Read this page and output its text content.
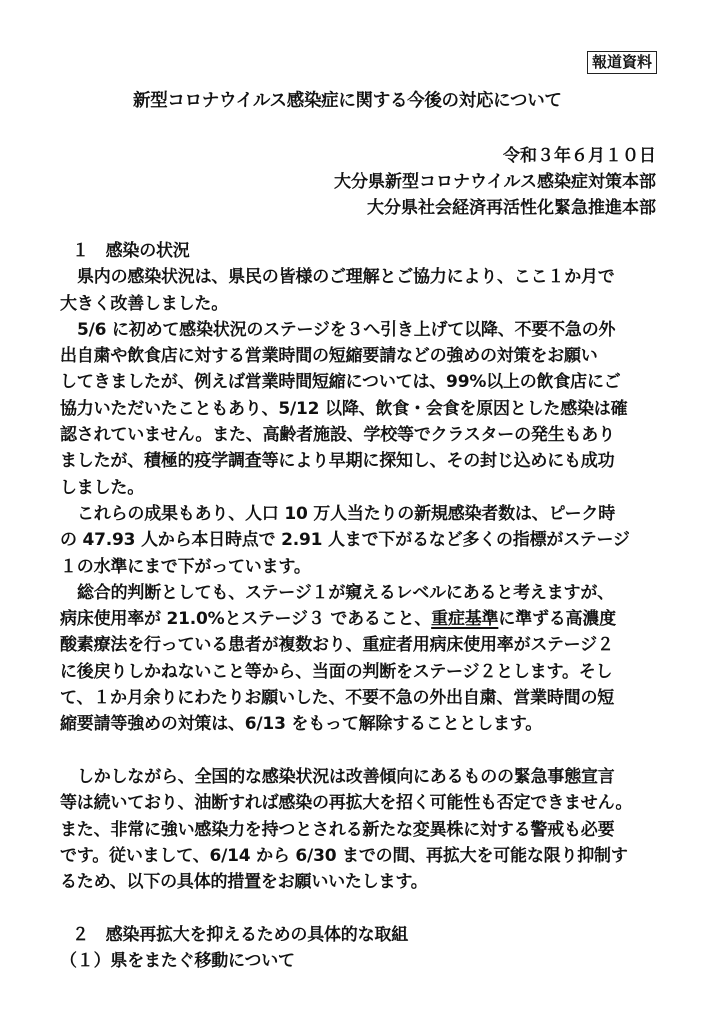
報道資料
新型コロナウイルス感染症に関する今後の対応について
令和３年６月１０日
大分県新型コロナウイルス感染症対策本部
大分県社会経済再活性化緊急推進本部
１　感染の状況
県内の感染状況は、県民の皆様のご理解とご協力により、ここ１か月で
大きく改善しました。
5/6 に初めて感染状況のステージを３へ引き上げて以降、不要不急の外
出自粛や飲食店に対する営業時間の短縮要請などの強めの対策をお願い
してきましたが、例えば営業時間短縮については、99%以上の飲食店にご
協力いただいたこともあり、5/12 以降、飲食・会食を原因とした感染は確
認されていません。また、高齢者施設、学校等でクラスターの発生もあり
ましたが、積極的疫学調査等により早期に探知し、その封じ込めにも成功
しました。
これらの成果もあり、人口 10 万人当たりの新規感染者数は、ピーク時
の 47.93 人から本日時点で 2.91 人まで下がるなど多くの指標がステージ
１の水準にまで下がっています。
総合的判断としても、ステージ１が窺えるレベルにあると考えますが、
病床使用率が 21.0%とステージ３ であること、重症基準に準ずる高濃度
酸素療法を行っている患者が複数おり、重症者用病床使用率がステージ２
に後戻りしかねないこと等から、当面の判断をステージ２とします。そし
て、１か月余りにわたりお願いした、不要不急の外出自粛、営業時間の短
縮要請等強めの対策は、6/13 をもって解除することとします。
しかしながら、全国的な感染状況は改善傾向にあるものの緊急事態宣言
等は続いており、油断すれば感染の再拡大を招く可能性も否定できません。
また、非常に強い感染力を持つとされる新たな変異株に対する警戒も必要
です。従いまして、6/14 から 6/30 までの間、再拡大を可能な限り抑制す
るため、以下の具体的措置をお願いいたします。
２　感染再拡大を抑えるための具体的な取組
（１）県をまたぐ移動について
